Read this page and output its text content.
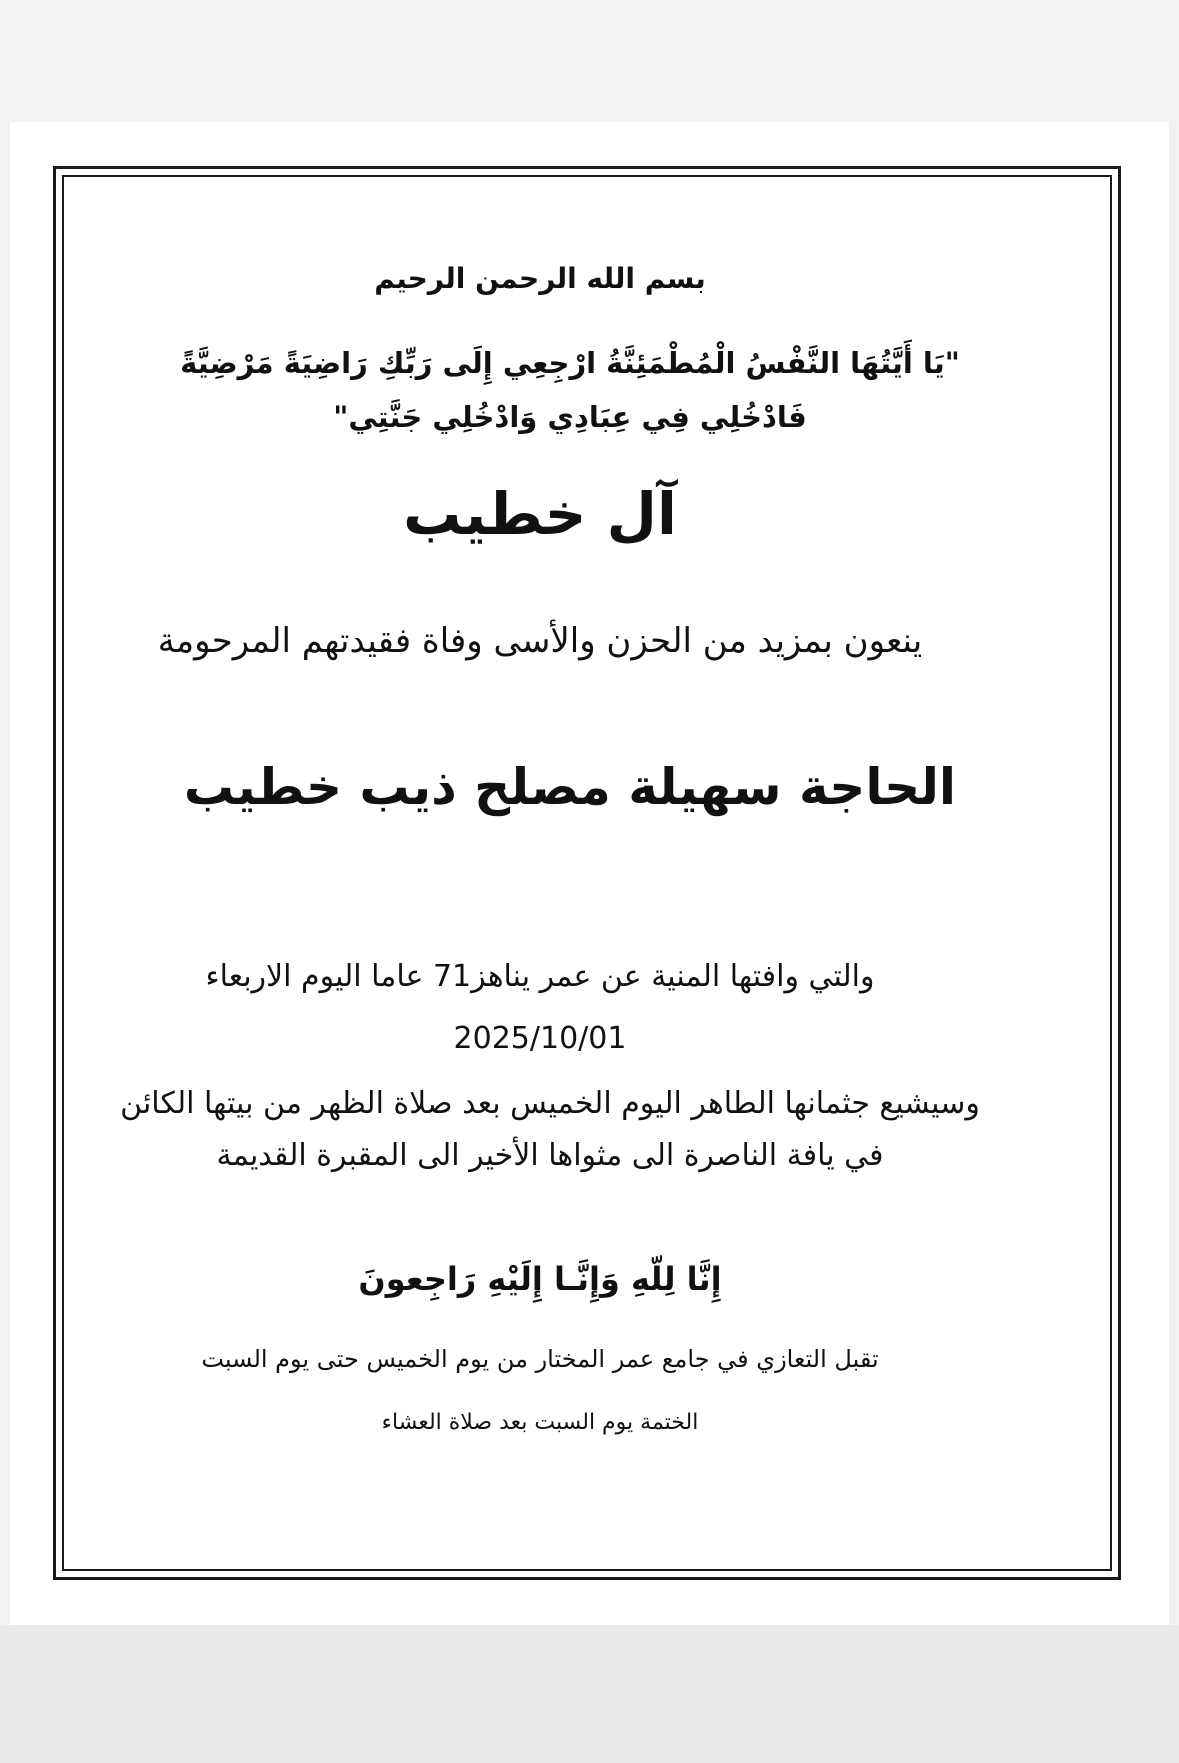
بسم الله الرحمن الرحيم
"يَا أَيَّتُهَا النَّفْسُ الْمُطْمَئِنَّةُ ارْجِعِي إِلَى رَبِّكِ رَاضِيَةً مَرْضِيَّةً فَادْخُلِي فِي عِبَادِي وَادْخُلِي جَنَّتِي"
آل خطيب
ينعون بمزيد من الحزن والأسى وفاة فقيدتهم المرحومة
الحاجة سهيلة مصلح ذيب خطيب
والتي وافتها المنية عن عمر يناهز71 عاما اليوم الاربعاء 2025/10/01
وسيشيع جثمانها الطاهر اليوم الخميس بعد صلاة الظهر من بيتها الكائن في يافة الناصرة الى مثواها الأخير الى المقبرة القديمة
إِنَّا لِلّهِ وَإِنَّـا إِلَيْهِ رَاجِعونَ
تقبل التعازي في جامع عمر المختار من يوم الخميس حتى يوم السبت
الختمة يوم السبت بعد صلاة العشاء
